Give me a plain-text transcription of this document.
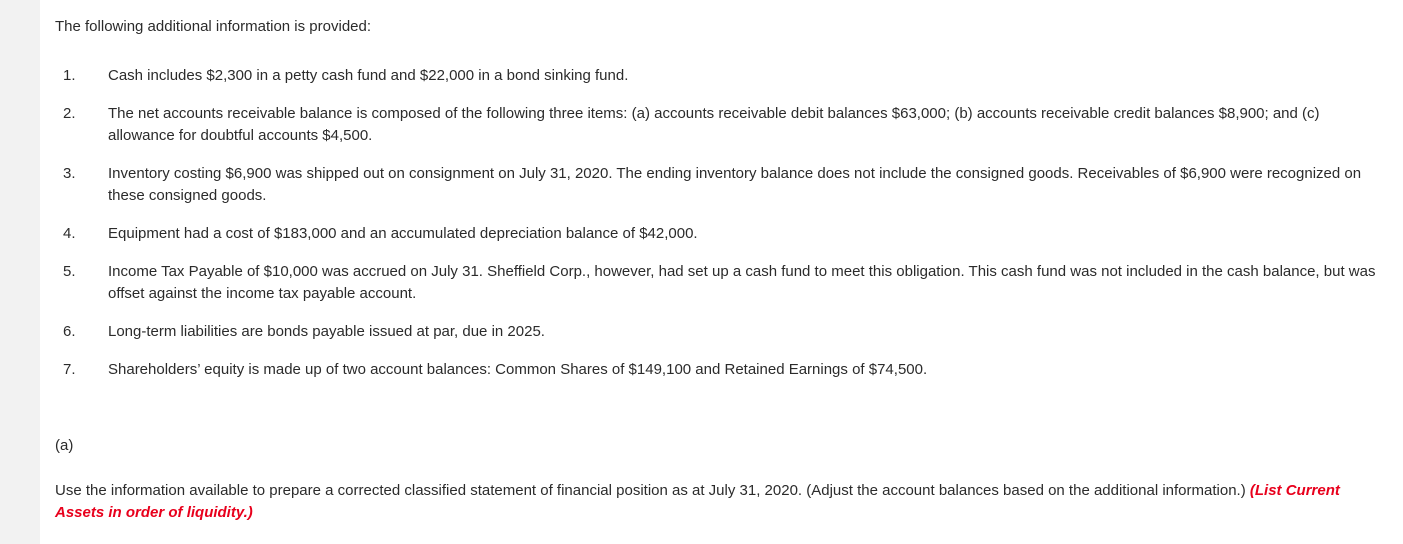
The following additional information is provided:

1.	Cash includes $2,300 in a petty cash fund and $22,000 in a bond sinking fund.
2.	The net accounts receivable balance is composed of the following three items: (a) accounts receivable debit balances $63,000; (b) accounts receivable credit balances $8,900; and (c) allowance for doubtful accounts $4,500.
3.	Inventory costing $6,900 was shipped out on consignment on July 31, 2020. The ending inventory balance does not include the consigned goods. Receivables of $6,900 were recognized on these consigned goods.
4.	Equipment had a cost of $183,000 and an accumulated depreciation balance of $42,000.
5.	Income Tax Payable of $10,000 was accrued on July 31. Sheffield Corp., however, had set up a cash fund to meet this obligation. This cash fund was not included in the cash balance, but was offset against the income tax payable account.
6.	Long-term liabilities are bonds payable issued at par, due in 2025.
7.	Shareholders’ equity is made up of two account balances: Common Shares of $149,100 and Retained Earnings of $74,500.
(a)
Use the information available to prepare a corrected classified statement of financial position as at July 31, 2020. (Adjust the account balances based on the additional information.) (List Current Assets in order of liquidity.)
